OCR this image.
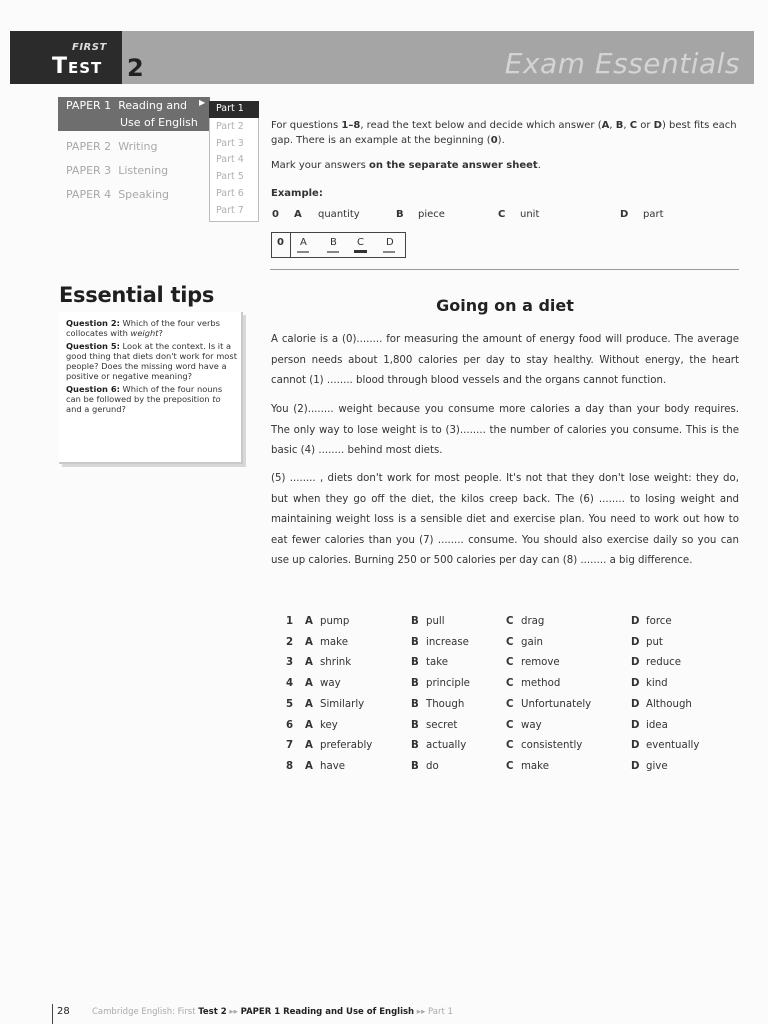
FIRST
Test 2	Exam Essentials
PAPER 1 Reading and ▶
Use of English
PAPER 2 Writing
PAPER 3 Listening
PAPER 4 Speaking
Part 1
Part 2
Part 3
Part 4
Part 5
Part 6
Part 7
For questions 1–8, read the text below and decide which answer (A, B, C or D) best fits each gap. There is an example at the beginning (0).
Mark your answers on the separate answer sheet.
Example:
0 A quantity	B piece	C unit	D part
0 A B C D
Essential tips

Question 2: Which of the four verbs collocates with weight?

Question 5: Look at the context. Is it a good thing that diets don't work for most people? Does the missing word have a positive or negative meaning?

Question 6: Which of the four nouns can be followed by the preposition to and a gerund?

Going on a diet
A calorie is a (0)........ for measuring the amount of energy food will produce. The average person needs about 1,800 calories per day to stay healthy. Without energy, the heart cannot (1) ........ blood through blood vessels and the organs cannot function.
You (2)........ weight because you consume more calories a day than your body requires. The only way to lose weight is to (3)........ the number of calories you consume. This is the basic (4) ........ behind most diets.
(5) ........ , diets don't work for most people. It's not that they don't lose weight: they do, but when they go off the diet, the kilos creep back. The (6) ........ to losing weight and maintaining weight loss is a sensible diet and exercise plan. You need to work out how to eat fewer calories than you (7) ........ consume. You should also exercise daily so you can use up calories. Burning 250 or 500 calories per day can (8) ........ a big difference.
1 A pump	B pull	C drag	D force
2 A make	B increase	C gain	D put
3 A shrink	B take	C remove	D reduce
4 A way	B principle	C method	D kind
5 A Similarly	B Though	C Unfortunately	D Although
6 A key	B secret	C way	D idea
7 A preferably	B actually	C consistently	D eventually
8 A have	B do	C make	D give
28	Cambridge English: First Test 2 ▸▸ PAPER 1 Reading and Use of English ▸▸ Part 1
